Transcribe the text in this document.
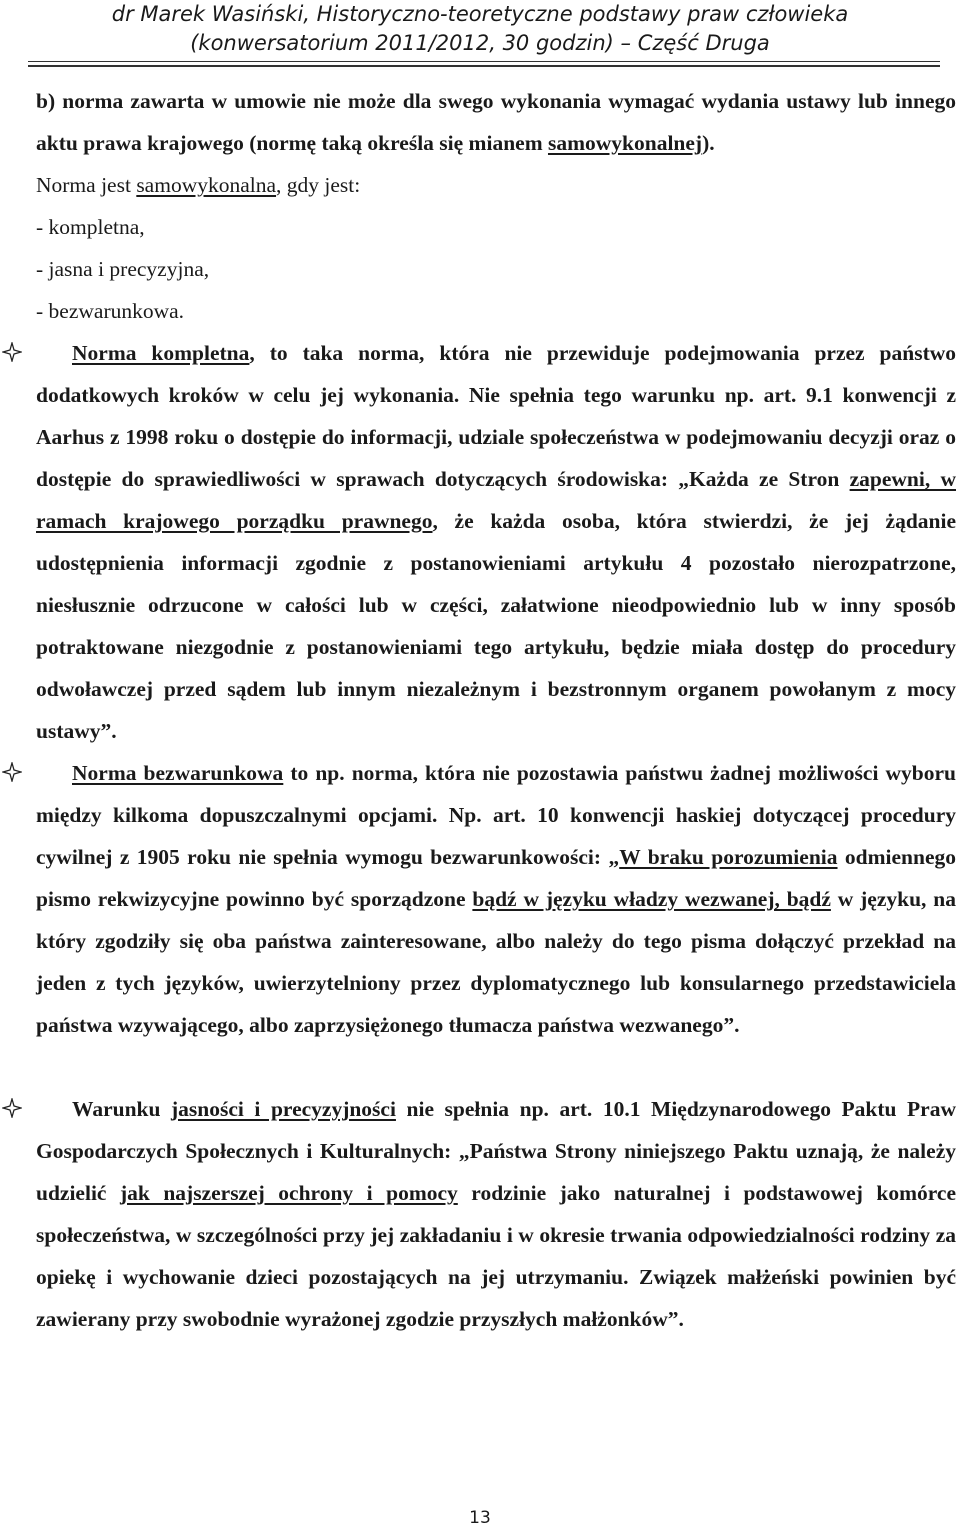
dr Marek Wasiński, Historyczno-teoretyczne podstawy praw człowieka
(konwersatorium 2011/2012, 30 godzin) – Część Druga

b) norma zawarta w umowie nie może dla swego wykonania wymagać wydania ustawy lub innego aktu prawa krajowego (normę taką określa się mianem samowykonalnej).

Norma jest samowykonalna, gdy jest:

- kompletna,

- jasna i precyzyjna,

- bezwarunkowa.

Norma kompletna, to taka norma, która nie przewiduje podejmowania przez państwo dodatkowych kroków w celu jej wykonania. Nie spełnia tego warunku np. art. 9.1 konwencji z Aarhus z 1998 roku o dostępie do informacji, udziale społeczeństwa w podejmowaniu decyzji oraz o dostępie do sprawiedliwości w sprawach dotyczących środowiska: „Każda ze Stron zapewni, w ramach krajowego porządku prawnego, że każda osoba, która stwierdzi, że jej żądanie udostępnienia informacji zgodnie z postanowieniami artykułu 4 pozostało nierozpatrzone, niesłusznie odrzucone w całości lub w części, załatwione nieodpowiednio lub w inny sposób potraktowane niezgodnie z postanowieniami tego artykułu, będzie miała dostęp do procedury odwoławczej przed sądem lub innym niezależnym i bezstronnym organem powołanym z mocy ustawy”.

Norma bezwarunkowa to np. norma, która nie pozostawia państwu żadnej możliwości wyboru między kilkoma dopuszczalnymi opcjami. Np. art. 10 konwencji haskiej dotyczącej procedury cywilnej z 1905 roku nie spełnia wymogu bezwarunkowości: „W braku porozumienia odmiennego pismo rekwizycyjne powinno być sporządzone bądź w języku władzy wezwanej, bądź w języku, na który zgodziły się oba państwa zainteresowane, albo należy do tego pisma dołączyć przekład na jeden z tych języków, uwierzytelniony przez dyplomatycznego lub konsularnego przedstawiciela państwa wzywającego, albo zaprzysiężonego tłumacza państwa wezwanego”.

Warunku jasności i precyzyjności nie spełnia np. art. 10.1 Międzynarodowego Paktu Praw Gospodarczych Społecznych i Kulturalnych: „Państwa Strony niniejszego Paktu uznają, że należy udzielić jak najszerszej ochrony i pomocy rodzinie jako naturalnej i podstawowej komórce społeczeństwa, w szczególności przy jej zakładaniu i w okresie trwania odpowiedzialności rodziny za opiekę i wychowanie dzieci pozostających na jej utrzymaniu. Związek małżeński powinien być zawierany przy swobodnie wyrażonej zgodzie przyszłych małżonków”.

13
